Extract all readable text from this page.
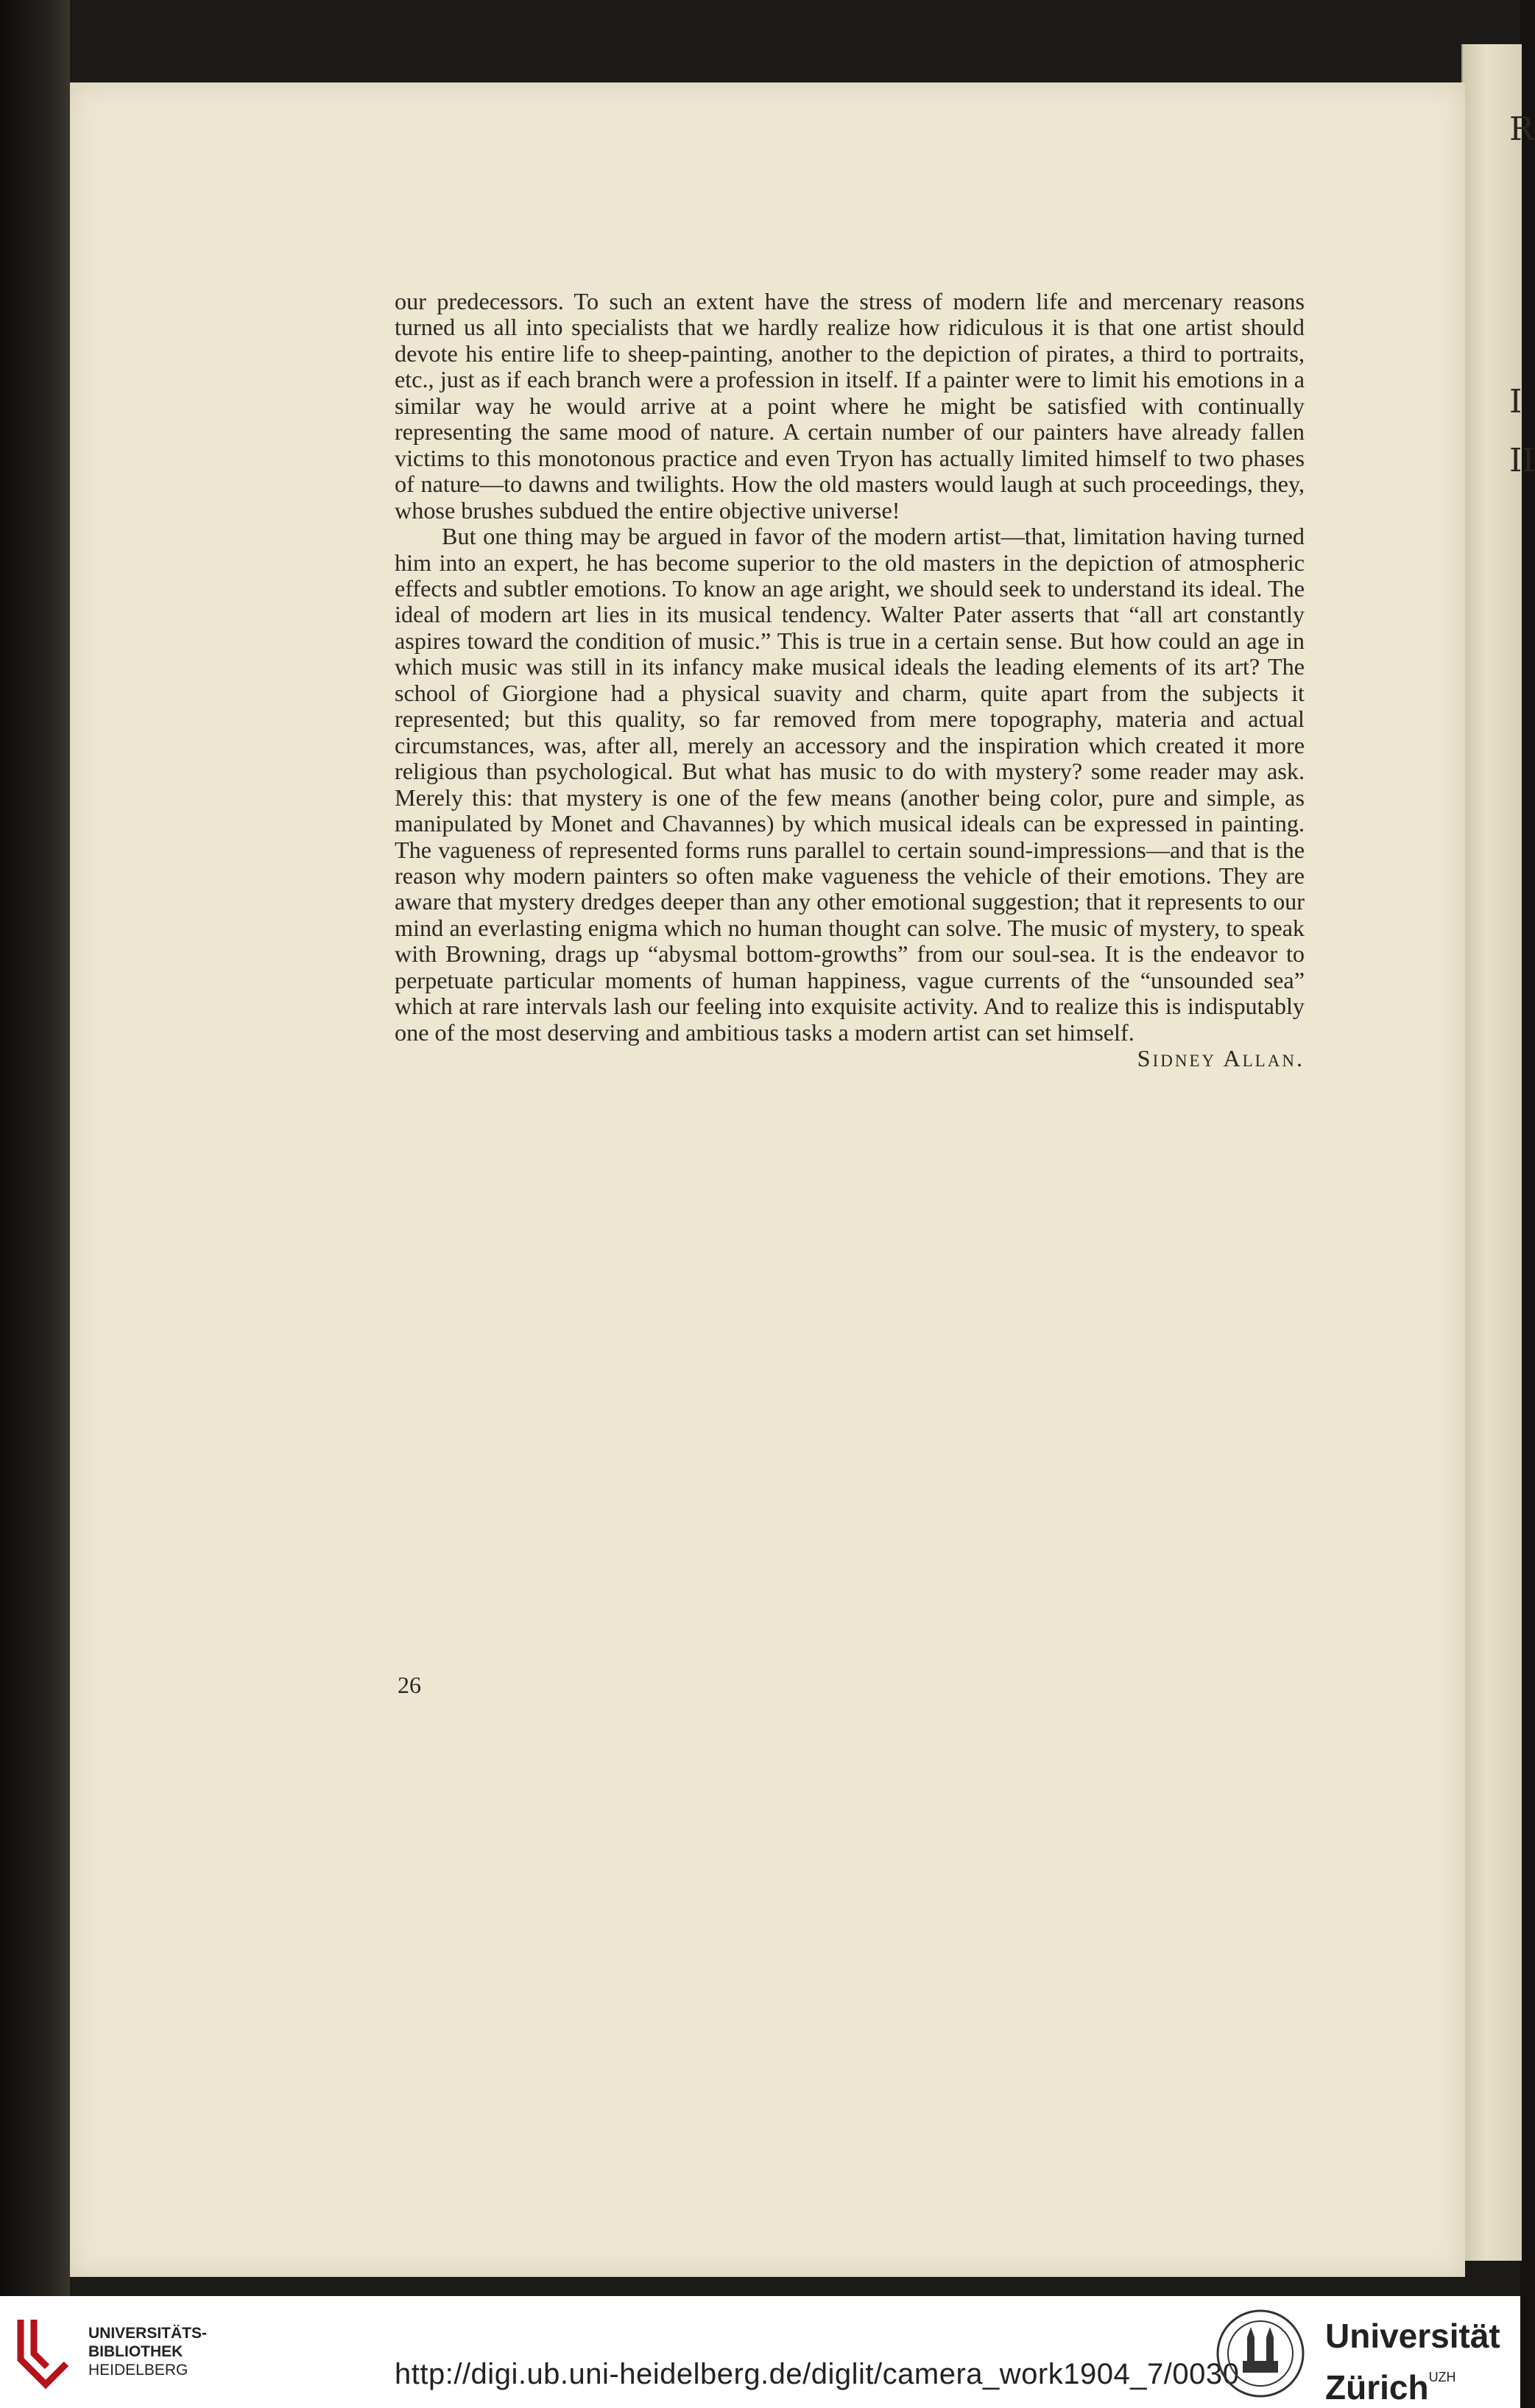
R
I
II

our predecessors. To such an extent have the stress of modern life and mercenary reasons turned us all into specialists that we hardly realize how ridiculous it is that one artist should devote his entire life to sheep-painting, another to the depiction of pirates, a third to portraits, etc., just as if each branch were a profession in itself. If a painter were to limit his emotions in a similar way he would arrive at a point where he might be satisfied with continually representing the same mood of nature. A certain number of our painters have already fallen victims to this monotonous practice and even Tryon has actually limited himself to two phases of nature—to dawns and twilights. How the old masters would laugh at such proceedings, they, whose brushes subdued the entire objective universe!

But one thing may be argued in favor of the modern artist—that, limitation having turned him into an expert, he has become superior to the old masters in the depiction of atmospheric effects and subtler emotions. To know an age aright, we should seek to understand its ideal. The ideal of modern art lies in its musical tendency. Walter Pater asserts that “all art constantly aspires toward the condition of music.” This is true in a certain sense. But how could an age in which music was still in its infancy make musical ideals the leading elements of its art? The school of Giorgione had a physical suavity and charm, quite apart from the subjects it represented; but this quality, so far removed from mere topography, materia and actual circumstances, was, after all, merely an accessory and the inspiration which created it more religious than psychological. But what has music to do with mystery? some reader may ask. Merely this: that mystery is one of the few means (another being color, pure and simple, as manipulated by Monet and Chavannes) by which musical ideals can be expressed in painting. The vagueness of represented forms runs parallel to certain sound-impressions—and that is the reason why modern painters so often make vagueness the vehicle of their emotions. They are aware that mystery dredges deeper than any other emotional suggestion; that it represents to our mind an everlasting enigma which no human thought can solve. The music of mystery, to speak with Browning, drags up “abysmal bottom-growths” from our soul-sea. It is the endeavor to perpetuate particular moments of human happiness, vague currents of the “unsounded sea” which at rare intervals lash our feeling into exquisite activity. And to realize this is indisputably one of the most deserving and ambitious tasks a modern artist can set himself.

Sidney Allan.

26
UNIVERSITÄTS-
BIBLIOTHEK
HEIDELBERG	http://digi.ub.uni-heidelberg.de/diglit/camera_work1904_7/0030
Universität
Zürich$^{UZH}$
